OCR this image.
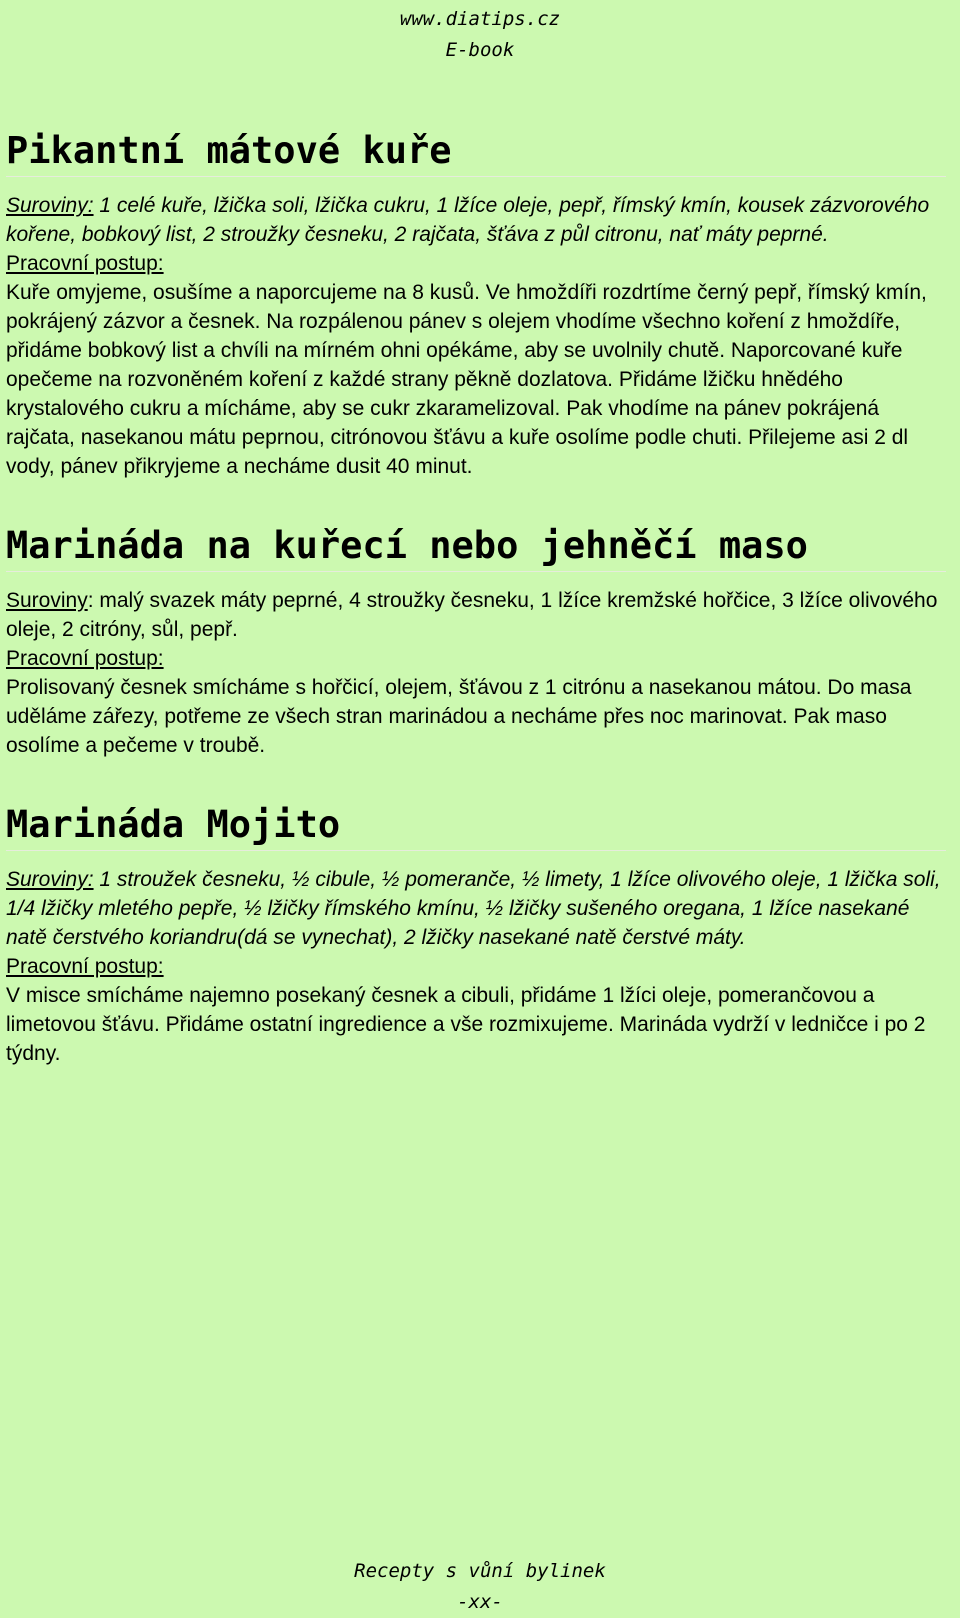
www.diatips.cz
E-book
Pikantní mátové kuře

Suroviny: 1 celé kuře, lžička soli, lžička cukru, 1 lžíce oleje, pepř, římský kmín, kousek zázvorového kořene, bobkový list, 2 stroužky česneku, 2 rajčata, šťáva z půl citronu, nať máty peprné.

Pracovní postup:

Kuře omyjeme, osušíme a naporcujeme na 8 kusů. Ve hmoždíři rozdrtíme černý pepř, římský kmín, pokrájený zázvor a česnek. Na rozpálenou pánev s olejem vhodíme všechno koření z hmoždíře, přidáme bobkový list a chvíli na mírném ohni opékáme, aby se uvolnily chutě. Naporcované kuře opečeme na rozvoněném koření z každé strany pěkně dozlatova. Přidáme lžičku hnědého krystalového cukru a mícháme, aby se cukr zkaramelizoval. Pak vhodíme na pánev pokrájená rajčata, nasekanou mátu peprnou, citrónovou šťávu a kuře osolíme podle chuti. Přilejeme asi 2 dl vody, pánev přikryjeme a necháme dusit 40 minut.

Marináda na kuřecí nebo jehněčí maso

Suroviny: malý svazek máty peprné, 4 stroužky česneku, 1 lžíce kremžské hořčice, 3 lžíce olivového oleje, 2 citróny, sůl, pepř.

Pracovní postup:

Prolisovaný česnek smícháme s hořčicí, olejem, šťávou z 1 citrónu a nasekanou mátou. Do masa uděláme zářezy, potřeme ze všech stran marinádou a necháme přes noc marinovat. Pak maso osolíme a pečeme v troubě.

Marináda Mojito

Suroviny: 1 stroužek česneku, ½ cibule, ½ pomeranče, ½ limety, 1 lžíce olivového oleje, 1 lžička soli, 1/4 lžičky mletého pepře, ½ lžičky římského kmínu, ½ lžičky sušeného oregana, 1 lžíce nasekané natě čerstvého koriandru(dá se vynechat), 2 lžičky nasekané natě čerstvé máty.

Pracovní postup:

V misce smícháme najemno posekaný česnek a cibuli, přidáme 1 lžíci oleje, pomerančovou a limetovou šťávu. Přidáme ostatní ingredience a vše rozmixujeme. Marináda vydrží v ledničce i po 2 týdny.

Recepty s vůní bylinek
-xx-
